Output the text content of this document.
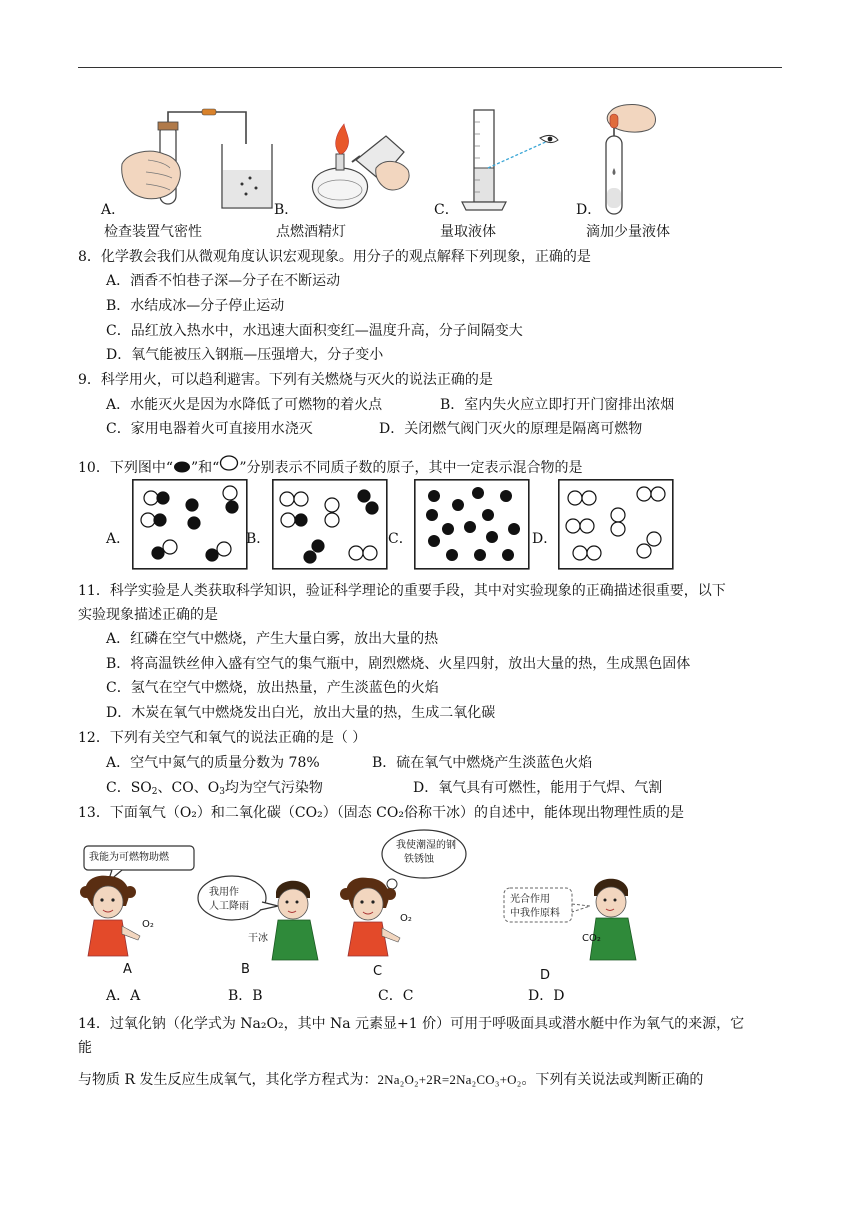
A．
检查装置气密性
B．
点燃酒精灯
C．
量取液体
D．
滴加少量液体
8．化学教会我们从微观角度认识宏观现象。用分子的观点解释下列现象，正确的是
A．酒香不怕巷子深—分子在不断运动
B．水结成冰—分子停止运动
C．品红放入热水中，水迅速大面积变红—温度升高，分子间隔变大
D．氧气能被压入钢瓶—压强增大，分子变小
9．科学用火，可以趋利避害。下列有关燃烧与灭火的说法正确的是
A．水能灭火是因为水降低了可燃物的着火点	B．室内失火应立即打开门窗排出浓烟
C．家用电器着火可直接用水浇灭	D．关闭燃气阀门灭火的原理是隔离可燃物
10．下列图中“ ”和“ ”分别表示不同质子数的原子，其中一定表示混合物的是
A．	B．	C．	D．
11．科学实验是人类获取科学知识，验证科学理论的重要手段，其中对实验现象的正确描述很重要，以下
实验现象描述正确的是
A．红磷在空气中燃烧，产生大量白雾，放出大量的热
B．将高温铁丝伸入盛有空气的集气瓶中，剧烈燃烧、火星四射，放出大量的热，生成黑色固体
C．氢气在空气中燃烧，放出热量，产生淡蓝色的火焰
D．木炭在氧气中燃烧发出白光，放出大量的热，生成二氧化碳
12．下列有关空气和氧气的说法正确的是（ ）
A．空气中氮气的质量分数为 78%	B．硫在氧气中燃烧产生淡蓝色火焰
C．$SO_2$、CO、$O_3$均为空气污染物	D．氧气具有可燃性，能用于气焊、气割
13．下面氧气（O₂）和二氧化碳（CO₂）（固态 CO₂俗称干冰）的自述中，能体现出物理性质的是
我能为可燃物助燃
O₂
我用作
人工降雨
干冰
我使潮湿的钢
铁锈蚀
O₂
光合作用
中我作原料
CO₂
A	B	C	D
A．A	B．B	C．C	D．D
14．过氧化钠（化学式为 Na₂O₂，其中 Na 元素显+1 价）可用于呼吸面具或潜水艇中作为氧气的来源，它
能
与物质 R 发生反应生成氧气，其化学方程式为：2Na₂O₂+2R=2Na₂CO₃+O₂。下列有关说法或判断正确的
